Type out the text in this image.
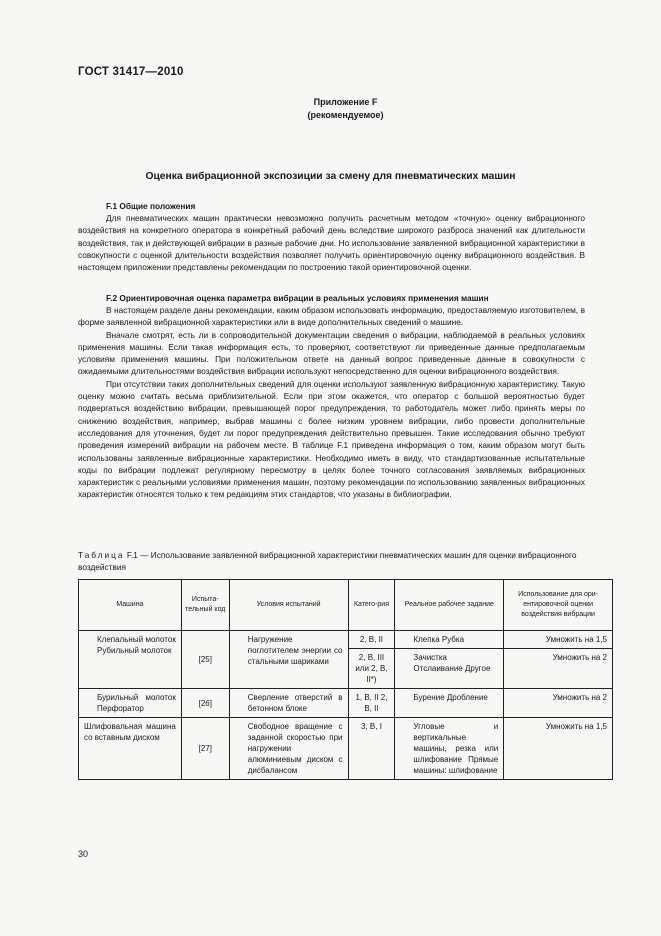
ГОСТ 31417—2010
Приложение F
(рекомендуемое)
Оценка вибрационной экспозиции за смену для пневматических машин
F.1 Общие положения

Для пневматических машин практически невозможно получить расчетным методом «точную» оценку вибрационного воздействия на конкретного оператора в конкретный рабочий день вследствие широкого разброса значений как длительности воздействия, так и действующей вибрации в разные рабочие дни. Но использование заявленной вибрационной характеристики в совокупности с оценкой длительности воздействия позволяет получить ориентировочную оценку вибрационного воздействия. В настоящем приложении представлены рекомендации по построению такой ориентировочной оценки.

F.2 Ориентировочная оценка параметра вибрации в реальных условиях применения машин

В настоящем разделе даны рекомендации, каким образом использовать информацию, предоставляемую изготовителем, в форме заявленной вибрационной характеристики или в виде дополнительных сведений о машине.

Вначале смотрят, есть ли в сопроводительной документации сведения о вибрации, наблюдаемой в реальных условиях применения машины. Если такая информация есть, то проверяют, соответствуют ли приведенные данные предполагаемым условиям применения машины. При положительном ответе на данный вопрос приведенные данные в совокупности с ожидаемыми длительностями воздействия вибрации используют непосредственно для оценки вибрационного воздействия.

При отсутствии таких дополнительных сведений для оценки используют заявленную вибрационную характеристику. Такую оценку можно считать весьма приблизительной. Если при этом окажется, что оператор с большой вероятностью будет подвергаться воздействию вибрации, превышающей порог предупреждения, то работодатель может либо принять меры по снижению воздействия, например, выбрав машины с более низким уровнем вибрации, либо провести дополнительные исследования для уточнения, будет ли порог предупреждения действительно превышен. Такие исследования обычно требуют проведения измерений вибрации на рабочем месте. В таблице F.1 приведена информация о том, каким образом могут быть использованы заявленные вибрационные характеристики. Необходимо иметь в виду, что стандартизованные испытательные коды по вибрации подлежат регулярному пересмотру в целях более точного согласования заявляемых вибрационных характеристик с реальными условиями применения машин, поэтому рекомендации по использованию заявленных вибрационных характеристик относятся только к тем редакциям этих стандартов, что указаны в библиографии.

Таблица F.1 — Использование заявленной вибрационной характеристики пневматических машин для оценки вибрационного воздействия
Машина	Испыта-тельный код	Условия испытаний	Катего-рия	Реальное рабочее задание	Использование для ори-ентировочной оценки воздействия вибрации
Клепальный молоток Рубильный молоток	[25]	Нагружение поглотителем энергии со стальными шариками	2, B, II	Клепка Рубка	Умножить на 1,5
			2, B, III или 2, B, II*)	Зачистка Отслаивание Другое	Умножить на 2
Бурильный молоток Перфоратор	[26]	Сверление отверстий в бетонном блоке	1, B, II 2, B, II	Бурение Дробление	Умножить на 2
Шлифовальная машина со вставным диском	[27]	Свободное вращение с заданной скоростью при нагружении алюминиевым диском с дисбалансом	3, B, I	Угловые и вертикальные машины, резка или шлифование Прямые машины: шлифование	Умножить на 1,5
30
